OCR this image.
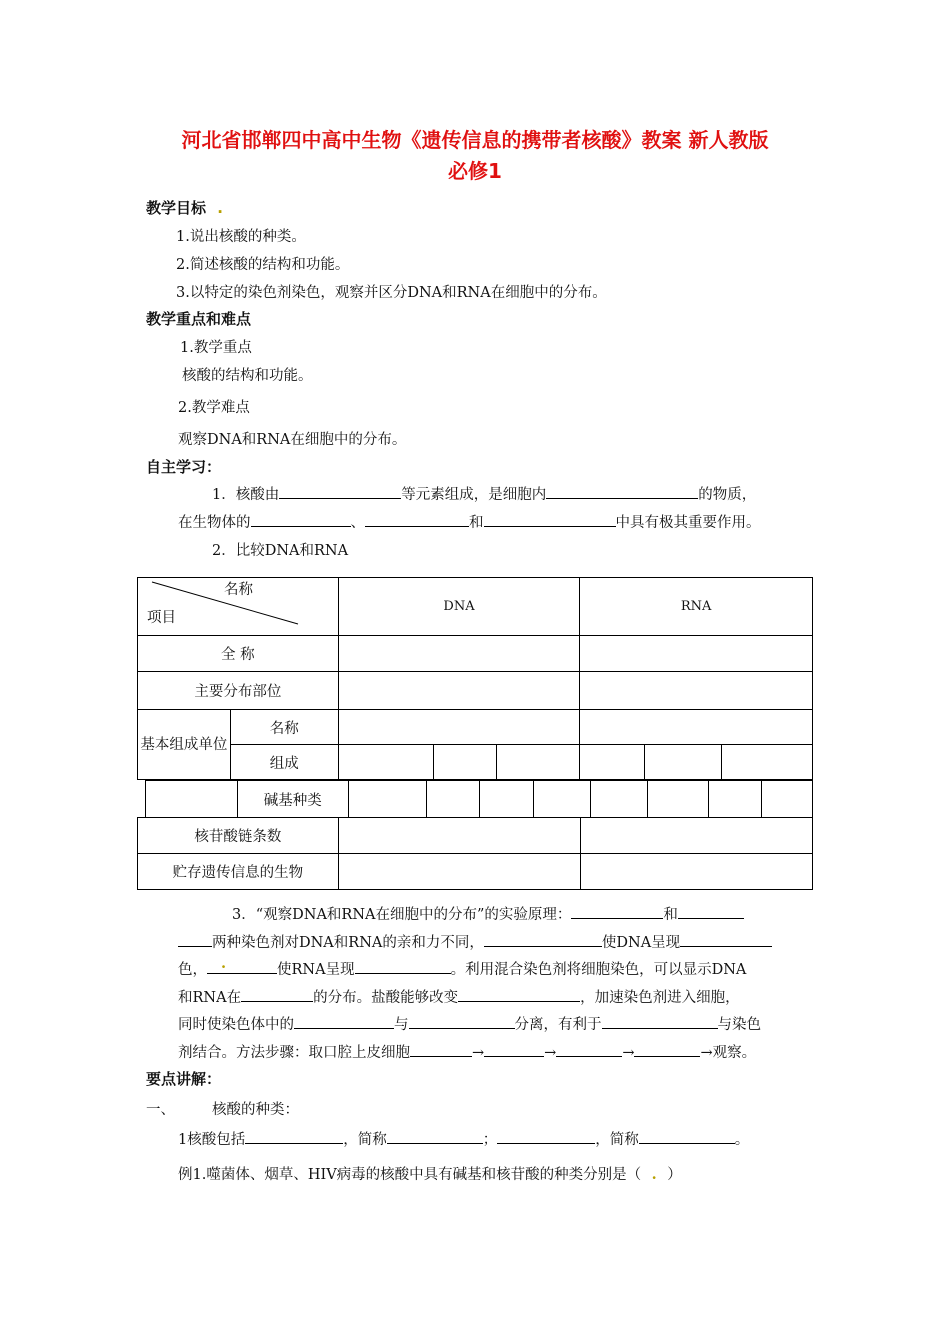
河北省邯郸四中高中生物《遗传信息的携带者核酸》教案 新人教版
必修1
教学目标 .
1.说出核酸的种类。
2.简述核酸的结构和功能。
3.以特定的染色剂染色，观察并区分DNA和RNA在细胞中的分布。
教学重点和难点
1.教学重点
核酸的结构和功能。
2.教学难点
观察DNA和RNA在细胞中的分布。
自主学习：
1．核酸由	等元素组成，是细胞内	的物质，
在生物体的	、	和	中具有极其重要作用。
2．比较DNA和RNA
名称
项目		DNA			RNA		
全 称							
主要分布部位							
基本组成单位	名称						
	组成						
	碱基种类								
核苷酸链条数		
贮存遗传信息的生物		
3．“观察DNA和RNA在细胞中的分布”的实验原理：	和
两种染色剂对DNA和RNA的亲和力不同，	使DNA呈现
色， .	使RNA呈现	。利用混合染色剂将细胞染色，可以显示DNA
和RNA在	的分布。盐酸能够改变	，加速染色剂进入细胞，
同时使染色体中的	与	分离，有利于	与染色
剂结合。方法步骤：取口腔上皮细胞	→	→	→	→观察。
要点讲解：
一、	核酸的种类：
1核酸包括	，简称	；	，简称	。
例1.噬菌体、烟草、HIV病毒的核酸中具有碱基和核苷酸的种类分别是（ . ）
